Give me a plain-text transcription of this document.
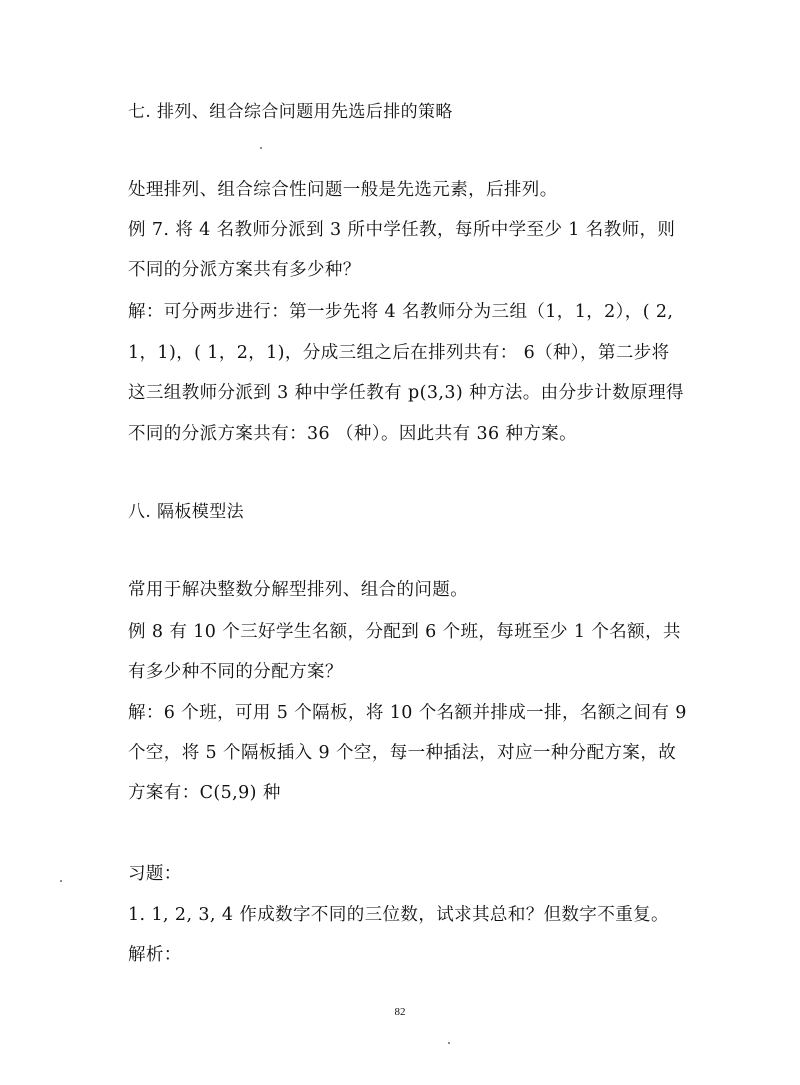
七. 排列、组合综合问题用先选后排的策略
处理排列、组合综合性问题一般是先选元素，后排列。
例 7. 将 4 名教师分派到 3 所中学任教，每所中学至少 1 名教师，则
不同的分派方案共有多少种？
解：可分两步进行：第一步先将 4 名教师分为三组（1，1，2），( 2,
1，1)，( 1，2，1)，分成三组之后在排列共有： 6（种），第二步将
这三组教师分派到 3 种中学任教有 p(3,3) 种方法。由分步计数原理得
不同的分派方案共有：36 （种）。因此共有 36 种方案。
八. 隔板模型法
常用于解决整数分解型排列、组合的问题。
例 8 有 10 个三好学生名额，分配到 6 个班，每班至少 1 个名额，共
有多少种不同的分配方案？
解：6 个班，可用 5 个隔板，将 10 个名额并排成一排，名额之间有 9
个空，将 5 个隔板插入 9 个空，每一种插法，对应一种分配方案，故
方案有：C(5,9) 种
习题：
1. 1, 2, 3, 4 作成数字不同的三位数，试求其总和？但数字不重复。
解析：
82
